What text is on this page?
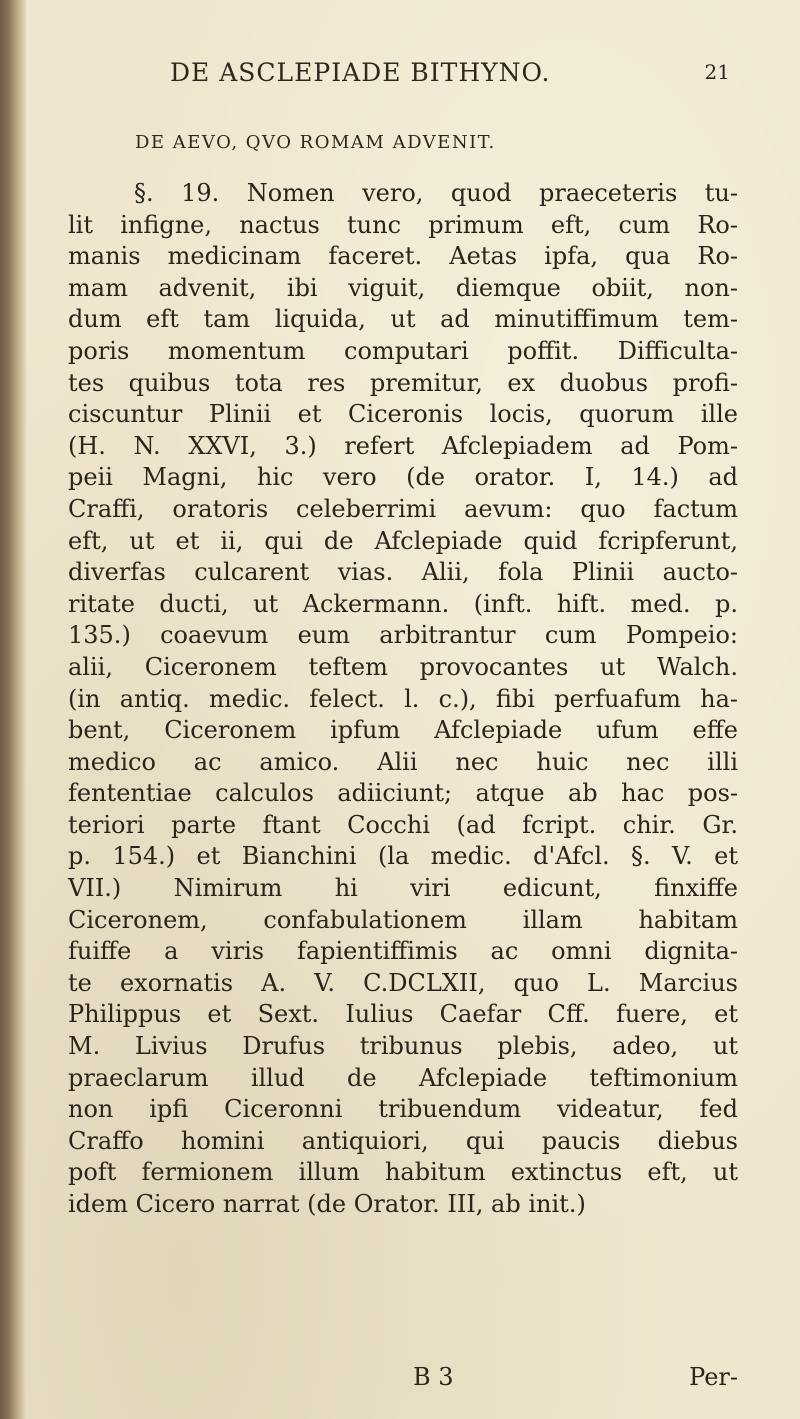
DE ASCLEPIADE BITHYNO.	21
DE AEVO, QVO ROMAM ADVENIT.
§. 19. Nomen vero, quod praeceteris tu-
lit infigne, nactus tunc primum eft, cum Ro-
manis medicinam faceret. Aetas ipfa, qua Ro-
mam advenit, ibi viguit, diemque obiit, non-
dum eft tam liquida, ut ad minutiffimum tem-
poris momentum computari poffit. Difficulta-
tes quibus tota res premitur, ex duobus profi-
ciscuntur Plinii et Ciceronis locis, quorum ille
(H. N. XXVI, 3.) refert Afclepiadem ad Pom-
peii Magni, hic vero (de orator. I, 14.) ad
Craffi, oratoris celeberrimi aevum: quo factum
eft, ut et ii, qui de Afclepiade quid fcripferunt,
diverfas culcarent vias. Alii, fola Plinii aucto-
ritate ducti, ut Ackermann. (inft. hift. med. p.
135.) coaevum eum arbitrantur cum Pompeio:
alii, Ciceronem teftem provocantes ut Walch.
(in antiq. medic. felect. l. c.), fibi perfuafum ha-
bent, Ciceronem ipfum Afclepiade ufum effe
medico ac amico. Alii nec huic nec illi
fententiae calculos adiiciunt; atque ab hac pos-
teriori parte ftant Cocchi (ad fcript. chir. Gr.
p. 154.) et Bianchini (la medic. d'Afcl. §. V. et
VII.) Nimirum hi viri edicunt, finxiffe
Ciceronem, confabulationem illam habitam
fuiffe a viris fapientiffimis ac omni dignita-
te exornatis A. V. C.DCLXII, quo L. Marcius
Philippus et Sext. Iulius Caefar Cff. fuere, et
M. Livius Drufus tribunus plebis, adeo, ut
praeclarum illud de Afclepiade teftimonium
non ipfi Ciceronni tribuendum videatur, fed
Craffo homini antiquiori, qui paucis diebus
poft fermionem illum habitum extinctus eft, ut
idem Cicero narrat (de Orator. III, ab init.)
B 3	Per-
